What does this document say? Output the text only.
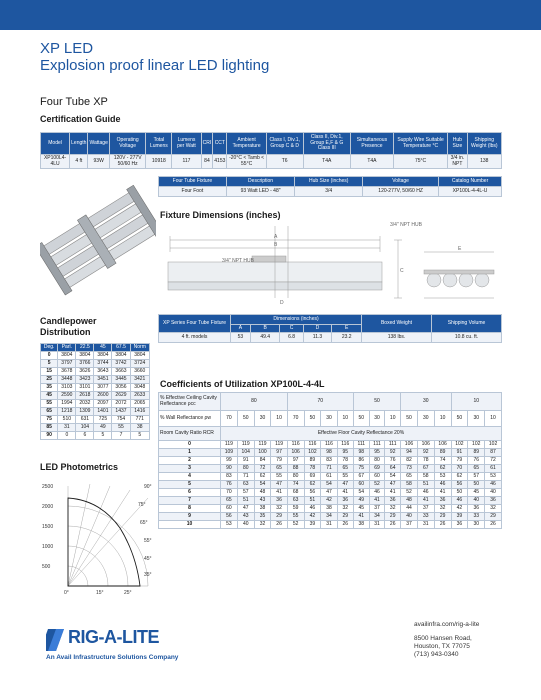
XP LED
Explosion proof linear LED lighting
Four Tube XP
Certification Guide
Model	Length	Wattage	Operating Voltage	Total Lumens	Lumens per Watt	CRI	CCT	Ambient Temperature	Class I, Div.1, Group C & D	Class II, Div.1, Group E,F & G Class III	Simultaneous Presence	Supply Wire Suitable Temperature °C	Hub Size	Shipping Weight (lbs)
XP100L4-4LU	4 ft	93W	120V - 277V 50/60 Hz	10918	117	84	4153	-20°C < Tamb < 55°C	T6	T4A	T4A	75°C	3/4 in. NPT	138
Four Tube Fixture	Description	Hub Size (inches)	Voltage	Catalog Number
Four Foot	93 Watt LED - 48"	3/4	120-277V, 50/60 HZ	XP100L-4-4L-U
Fixture Dimensions (inches)
3/4" NPT HUB
3/4" NPT HUB
A
B
C
D
E
XP Series Four Tube Fixture	Dimensions (inches)					Boxed Weight	Shipping Volume
	A	B	C	D	E		
4 ft. models	53	49.4	6.8	11.3	23.2	138 lbs.	10.8 cu. ft.
Candlepower
Distribution
Deg.	Parl.	22.5	45	67.5	Norm
0	3804	3804	3804	3804	3804
5	3797	3766	3744	3742	3724
15	3678	3626	3643	3663	3660
25	3448	3423	3451	3445	3421
35	3103	3101	3077	3056	3048
45	2590	2618	2600	2629	2633
55	1994	2032	2097	2072	2065
65	1218	1309	1401	1437	1416
75	510	631	725	754	771
85	31	104	49	55	38
90	0	6	5	7	5
Coefficients of Utilization XP100L-4-4L
% Effective Ceiling Cavity Reflectance ρcc	80				70				50			30			10		
% Wall Reflectance ρw	70	50	30	10	70	50	30	10	50	30	10	50	30	10	50	30	10
Room Cavity Ratio RCR	Effective Floor Cavity Reflectance 20%																
0	119	119	119	119	116	116	116	116	111	111	111	106	106	106	102	102	102
1	109	104	100	97	106	102	98	95	98	95	92	94	92	89	91	89	87
2	99	91	84	79	97	89	83	78	86	80	76	82	78	74	79	76	72
3	90	80	72	65	88	78	71	65	75	69	64	73	67	62	70	65	61
4	83	71	62	55	80	69	61	55	67	60	54	65	58	53	62	57	53
5	76	63	54	47	74	62	54	47	60	52	47	58	51	46	56	50	46
6	70	57	48	41	68	56	47	41	54	46	41	52	46	41	50	45	40
7	65	51	43	36	63	51	42	36	49	41	36	48	41	36	46	40	36
8	60	47	38	32	59	46	38	32	45	37	32	44	37	32	42	36	32
9	56	43	35	29	55	42	34	29	41	34	29	40	33	29	39	33	29
10	53	40	32	26	52	39	31	26	38	31	26	37	31	26	36	30	26
LED Photometrics
2500
2000
1500
1000
500
90°
75°
65°
55°
45°
35°
0°	15°	25°
RIG-A-LITE
An Avail Infrastructure Solutions Company
availinfra.com/rig-a-lite
8500 Hansen Road,
Houston, TX 77075
(713) 943-0340
